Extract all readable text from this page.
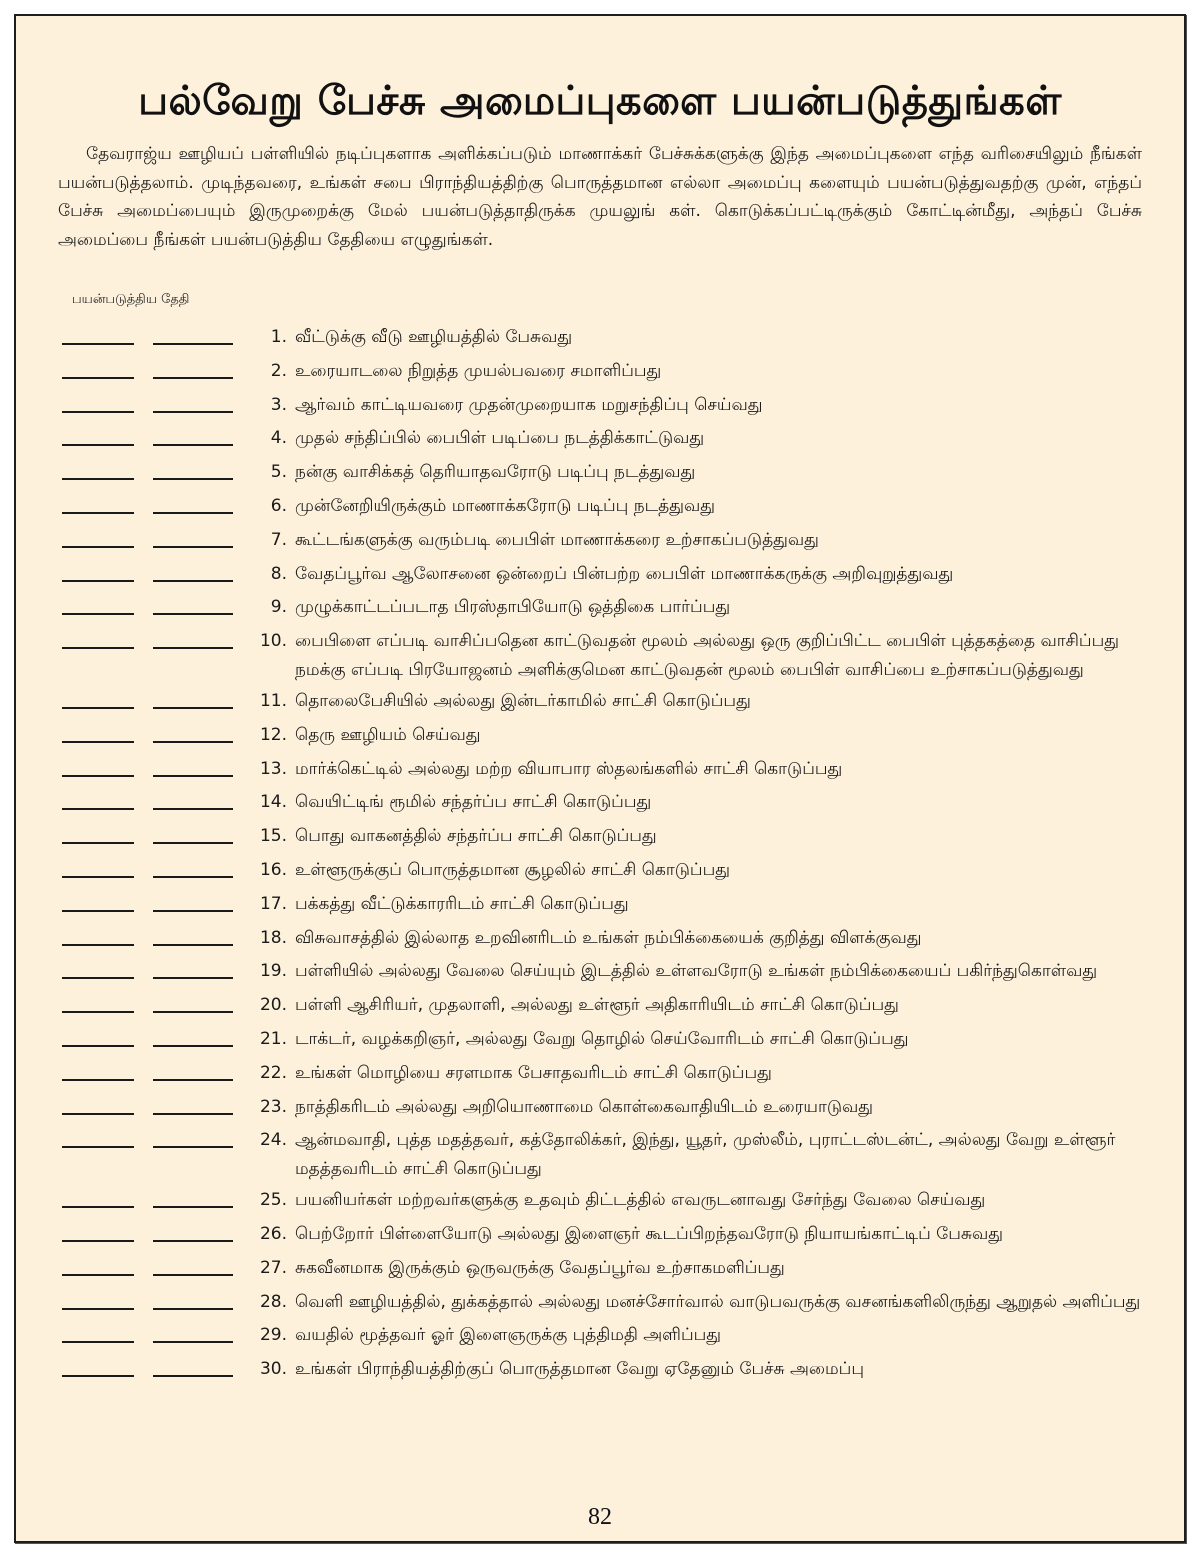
பல்வேறு பேச்சு அமைப்புகளை பயன்படுத்துங்கள்

தேவராஜ்ய ஊழியப் பள்ளியில் நடிப்புகளாக அளிக்கப்படும் மாணாக்கர் பேச்சுக்களுக்கு இந்த அமைப்புகளை எந்த வரிசையிலும் நீங்கள் பயன்படுத்தலாம். முடிந்தவரை, உங்கள் சபை பிராந்தியத்திற்கு பொருத்தமான எல்லா அமைப்பு களையும் பயன்படுத்துவதற்கு முன், எந்தப் பேச்சு அமைப்பையும் இருமுறைக்கு மேல் பயன்படுத்தாதிருக்க முயலுங் கள். கொடுக்கப்பட்டிருக்கும் கோட்டின்மீது, அந்தப் பேச்சு அமைப்பை நீங்கள் பயன்படுத்திய தேதியை எழுதுங்கள்.

பயன்படுத்திய தேதி
1. வீட்டுக்கு வீடு ஊழியத்தில் பேசுவது
2. உரையாடலை நிறுத்த முயல்பவரை சமாளிப்பது
3. ஆர்வம் காட்டியவரை முதன்முறையாக மறுசந்திப்பு செய்வது
4. முதல் சந்திப்பில் பைபிள் படிப்பை நடத்திக்காட்டுவது
5. நன்கு வாசிக்கத் தெரியாதவரோடு படிப்பு நடத்துவது
6. முன்னேறியிருக்கும் மாணாக்கரோடு படிப்பு நடத்துவது
7. கூட்டங்களுக்கு வரும்படி பைபிள் மாணாக்கரை உற்சாகப்படுத்துவது
8. வேதப்பூர்வ ஆலோசனை ஒன்றைப் பின்பற்ற பைபிள் மாணாக்கருக்கு அறிவுறுத்துவது
9. முழுக்காட்டப்படாத பிரஸ்தாபியோடு ஒத்திகை பார்ப்பது
10. பைபிளை எப்படி வாசிப்பதென காட்டுவதன் மூலம் அல்லது ஒரு குறிப்பிட்ட பைபிள் புத்தகத்தை வாசிப்பது நமக்கு எப்படி பிரயோஜனம் அளிக்குமென காட்டுவதன் மூலம் பைபிள் வாசிப்பை உற்சாகப்படுத்துவது
11. தொலைபேசியில் அல்லது இன்டர்காமில் சாட்சி கொடுப்பது
12. தெரு ஊழியம் செய்வது
13. மார்க்கெட்டில் அல்லது மற்ற வியாபார ஸ்தலங்களில் சாட்சி கொடுப்பது
14. வெயிட்டிங் ரூமில் சந்தர்ப்ப சாட்சி கொடுப்பது
15. பொது வாகனத்தில் சந்தர்ப்ப சாட்சி கொடுப்பது
16. உள்ளூருக்குப் பொருத்தமான சூழலில் சாட்சி கொடுப்பது
17. பக்கத்து வீட்டுக்காரரிடம் சாட்சி கொடுப்பது
18. விசுவாசத்தில் இல்லாத உறவினரிடம் உங்கள் நம்பிக்கையைக் குறித்து விளக்குவது
19. பள்ளியில் அல்லது வேலை செய்யும் இடத்தில் உள்ளவரோடு உங்கள் நம்பிக்கையைப் பகிர்ந்துகொள்வது
20. பள்ளி ஆசிரியர், முதலாளி, அல்லது உள்ளூர் அதிகாரியிடம் சாட்சி கொடுப்பது
21. டாக்டர், வழக்கறிஞர், அல்லது வேறு தொழில் செய்வோரிடம் சாட்சி கொடுப்பது
22. உங்கள் மொழியை சரளமாக பேசாதவரிடம் சாட்சி கொடுப்பது
23. நாத்திகரிடம் அல்லது அறியொணாமை கொள்கைவாதியிடம் உரையாடுவது
24. ஆன்மவாதி, புத்த மதத்தவர், கத்தோலிக்கர், இந்து, யூதர், முஸ்லீம், புராட்டஸ்டன்ட், அல்லது வேறு உள்ளூர் மதத்தவரிடம் சாட்சி கொடுப்பது
25. பயனியர்கள் மற்றவர்களுக்கு உதவும் திட்டத்தில் எவருடனாவது சேர்ந்து வேலை செய்வது
26. பெற்றோர் பிள்ளையோடு அல்லது இளைஞர் கூடப்பிறந்தவரோடு நியாயங்காட்டிப் பேசுவது
27. சுகவீனமாக இருக்கும் ஒருவருக்கு வேதப்பூர்வ உற்சாகமளிப்பது
28. வெளி ஊழியத்தில், துக்கத்தால் அல்லது மனச்சோர்வால் வாடுபவருக்கு வசனங்களிலிருந்து ஆறுதல் அளிப்பது
29. வயதில் மூத்தவர் ஓர் இளைஞருக்கு புத்திமதி அளிப்பது
30. உங்கள் பிராந்தியத்திற்குப் பொருத்தமான வேறு ஏதேனும் பேச்சு அமைப்பு
82
